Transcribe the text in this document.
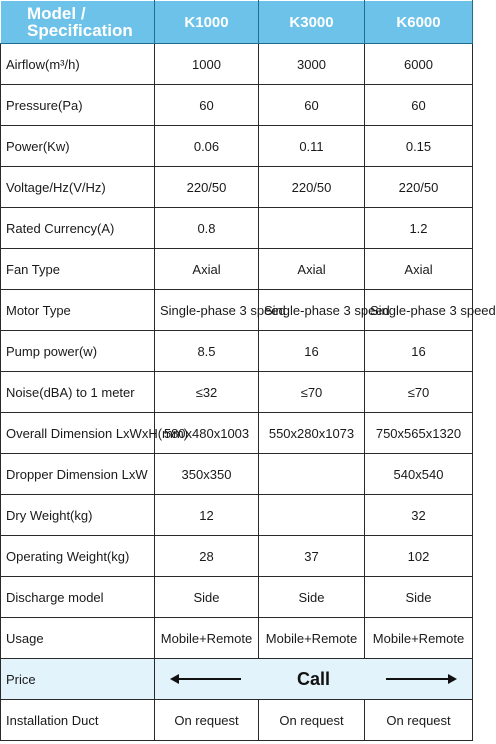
Model / Specification	K1000	K3000	K6000
Airflow(m³/h)	1000	3000	6000
Pressure(Pa)	60	60	60
Power(Kw)	0.06	0.11	0.15
Voltage/Hz(V/Hz)	220/50	220/50	220/50
Rated Currency(A)	0.8		1.2
Fan Type	Axial	Axial	Axial
Motor Type	Single-phase 3 speed	Single-phase 3 speed	Single-phase 3 speed
Pump power(w)	8.5	16	16
Noise(dBA) to 1 meter	≤32	≤70	≤70
Overall Dimension LxWxH(mm)	580x480x1003	550x280x1073	750x565x1320
Dropper Dimension LxW	350x350		540x540
Dry Weight(kg)	12		32
Operating Weight(kg)	28	37	102
Discharge model	Side	Side	Side
Usage	Mobile+Remote	Mobile+Remote	Mobile+Remote
Price	Call		

Installation Duct	On request	On request	On request
